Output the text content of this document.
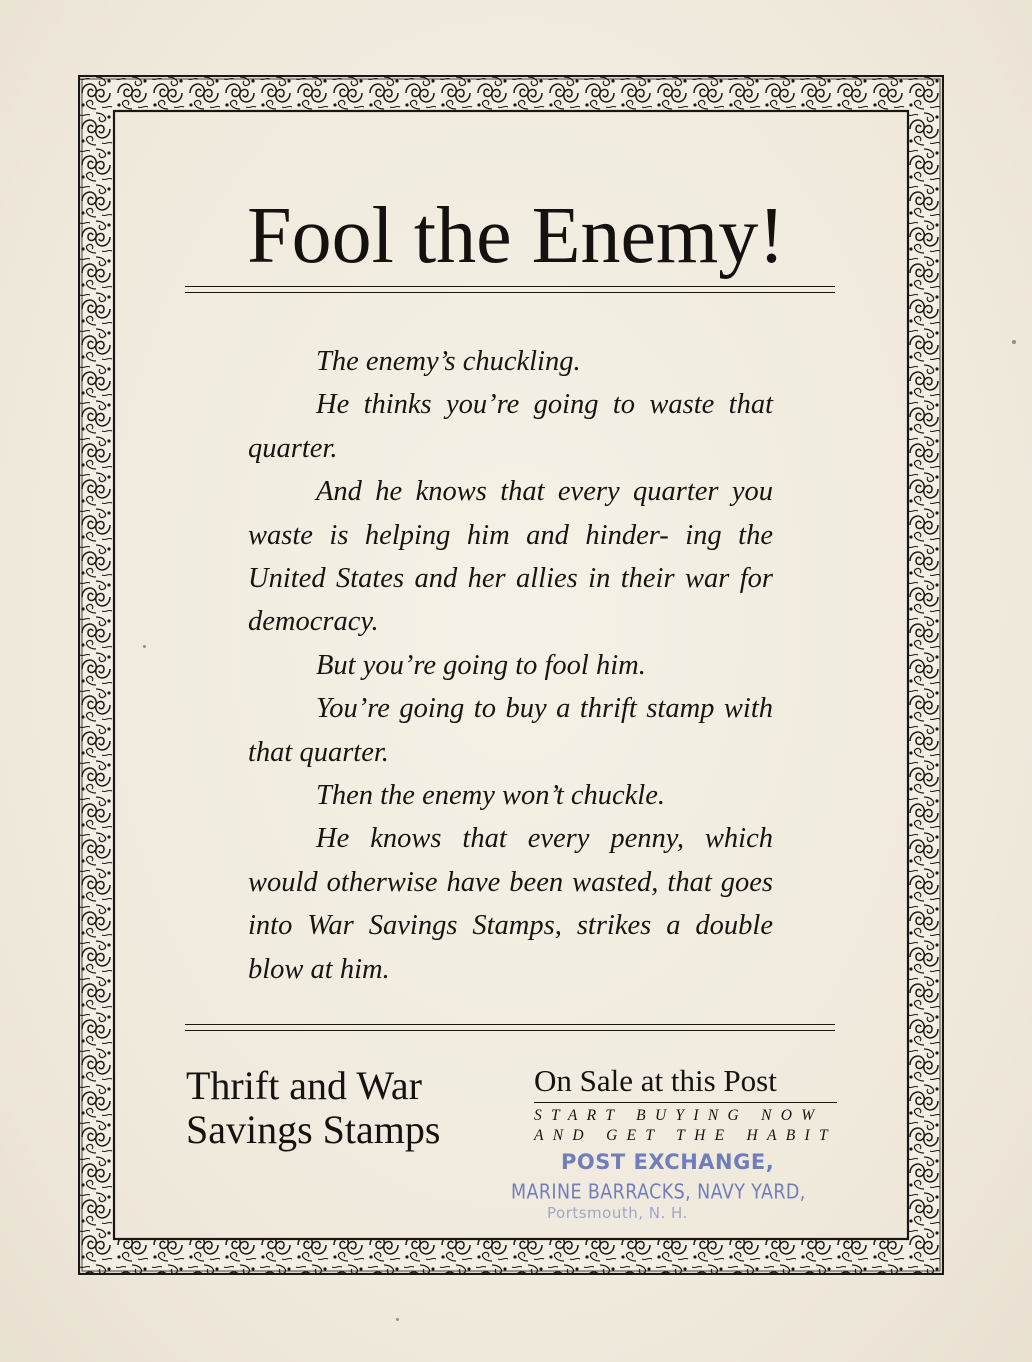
Fool the Enemy!

The enemy’s chuckling.

He thinks you’re going to waste that quarter.

And he knows that every quarter you waste is helping him and hinder- ing the United States and her allies in their war for democracy.

But you’re going to fool him.

You’re going to buy a thrift stamp with that quarter.

Then the enemy won’t chuckle.

He knows that every penny, which would otherwise have been wasted, that goes into War Savings Stamps, strikes a double blow at him.

Thrift and War
Savings Stamps
On Sale at this Post
START BUYING NOW
AND GET THE HABIT
POST EXCHANGE,
MARINE BARRACKS, NAVY YARD,
Portsmouth, N. H.
